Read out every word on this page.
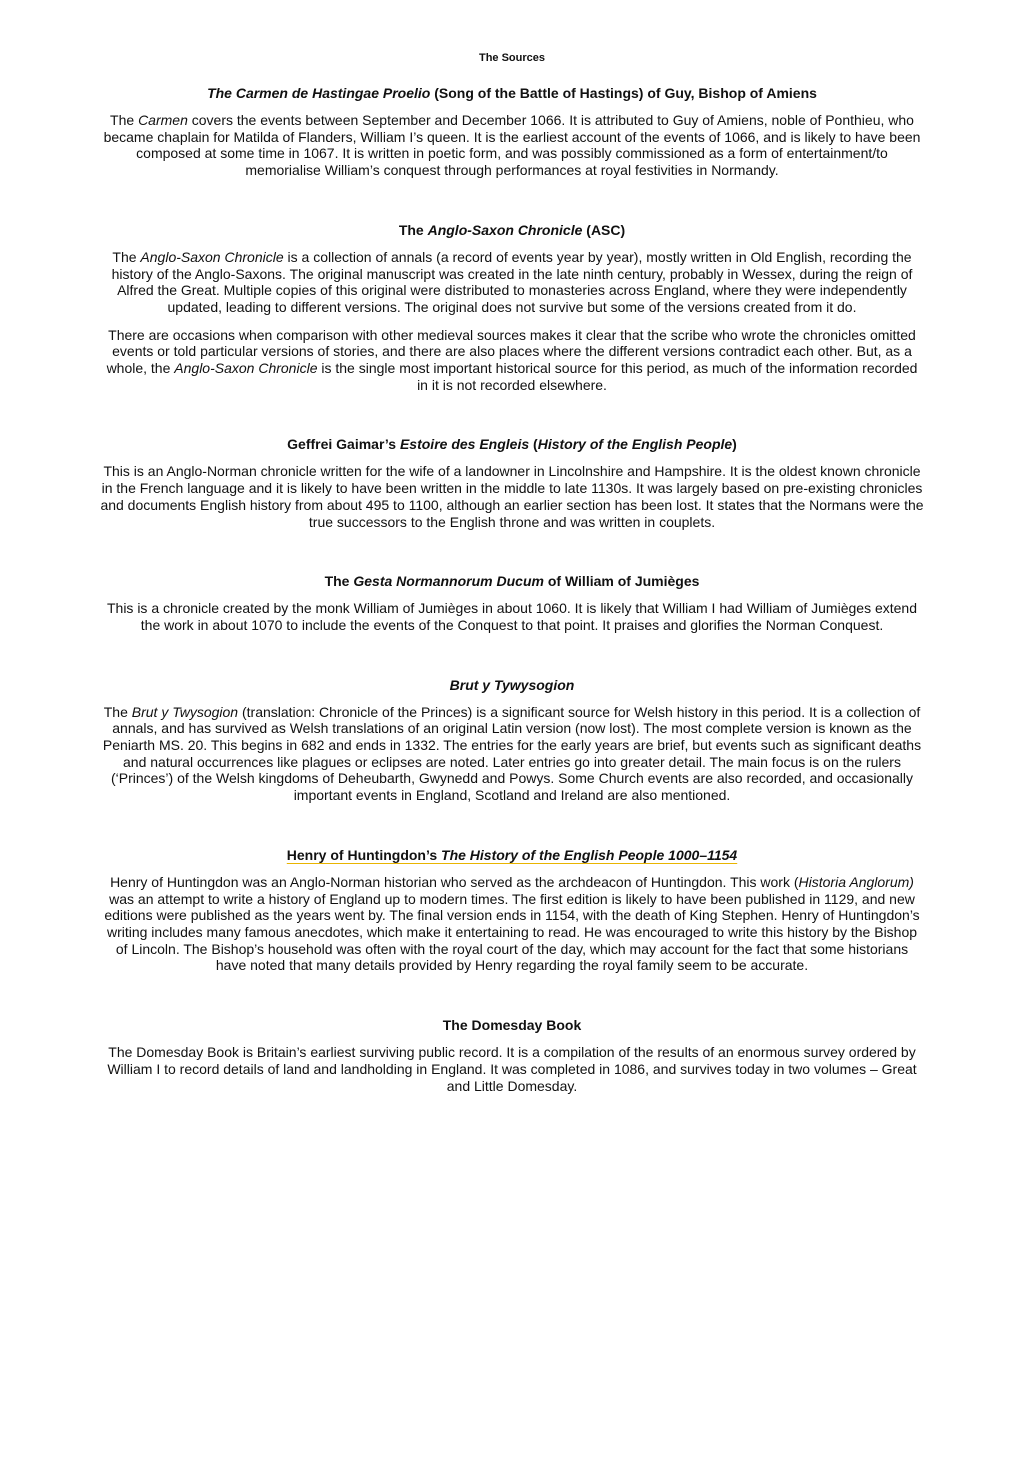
The Sources
The Carmen de Hastingae Proelio (Song of the Battle of Hastings) of Guy, Bishop of Amiens
The Carmen covers the events between September and December 1066. It is attributed to Guy of Amiens, noble of Ponthieu, who became chaplain for Matilda of Flanders, William I’s queen. It is the earliest account of the events of 1066, and is likely to have been composed at some time in 1067. It is written in poetic form, and was possibly commissioned as a form of entertainment/to memorialise William’s conquest through performances at royal festivities in Normandy.
The Anglo-Saxon Chronicle (ASC)
The Anglo-Saxon Chronicle is a collection of annals (a record of events year by year), mostly written in Old English, recording the history of the Anglo-Saxons. The original manuscript was created in the late ninth century, probably in Wessex, during the reign of Alfred the Great. Multiple copies of this original were distributed to monasteries across England, where they were independently updated, leading to different versions. The original does not survive but some of the versions created from it do.
There are occasions when comparison with other medieval sources makes it clear that the scribe who wrote the chronicles omitted events or told particular versions of stories, and there are also places where the different versions contradict each other. But, as a whole, the Anglo-Saxon Chronicle is the single most important historical source for this period, as much of the information recorded in it is not recorded elsewhere.
Geffrei Gaimar’s Estoire des Engleis (History of the English People)
This is an Anglo-Norman chronicle written for the wife of a landowner in Lincolnshire and Hampshire. It is the oldest known chronicle in the French language and it is likely to have been written in the middle to late 1130s. It was largely based on pre-existing chronicles and documents English history from about 495 to 1100, although an earlier section has been lost. It states that the Normans were the true successors to the English throne and was written in couplets.
The Gesta Normannorum Ducum of William of Jumièges
This is a chronicle created by the monk William of Jumièges in about 1060. It is likely that William I had William of Jumièges extend the work in about 1070 to include the events of the Conquest to that point. It praises and glorifies the Norman Conquest.
Brut y Tywysogion
The Brut y Twysogion (translation: Chronicle of the Princes) is a significant source for Welsh history in this period. It is a collection of annals, and has survived as Welsh translations of an original Latin version (now lost). The most complete version is known as the Peniarth MS. 20. This begins in 682 and ends in 1332. The entries for the early years are brief, but events such as significant deaths and natural occurrences like plagues or eclipses are noted. Later entries go into greater detail. The main focus is on the rulers (‘Princes’) of the Welsh kingdoms of Deheubarth, Gwynedd and Powys. Some Church events are also recorded, and occasionally important events in England, Scotland and Ireland are also mentioned.
Henry of Huntingdon’s The History of the English People 1000–1154
Henry of Huntingdon was an Anglo-Norman historian who served as the archdeacon of Huntingdon. This work (Historia Anglorum) was an attempt to write a history of England up to modern times. The first edition is likely to have been published in 1129, and new editions were published as the years went by. The final version ends in 1154, with the death of King Stephen. Henry of Huntingdon’s writing includes many famous anecdotes, which make it entertaining to read. He was encouraged to write this history by the Bishop of Lincoln. The Bishop’s household was often with the royal court of the day, which may account for the fact that some historians have noted that many details provided by Henry regarding the royal family seem to be accurate.
The Domesday Book
The Domesday Book is Britain’s earliest surviving public record. It is a compilation of the results of an enormous survey ordered by William I to record details of land and landholding in England. It was completed in 1086, and survives today in two volumes – Great and Little Domesday.
